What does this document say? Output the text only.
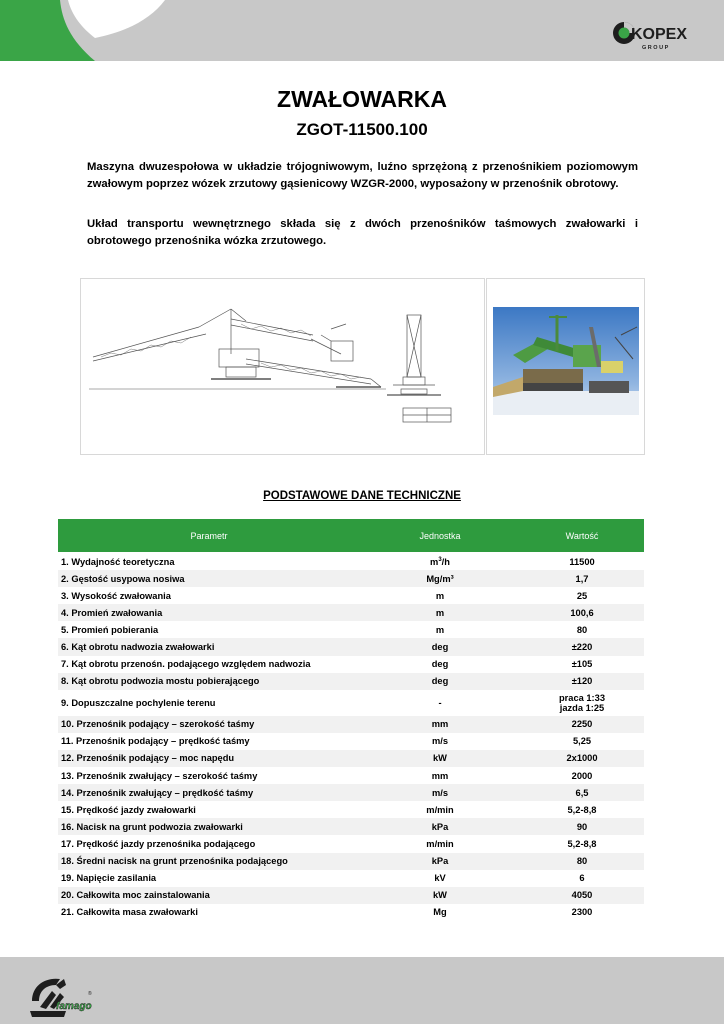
KOPEX
G R O U P
ZWAŁOWARKA
ZGOT-11500.100

Maszyna dwuzespołowa w układzie trójogniwowym, luźno sprzężoną z przenośnikiem poziomowym zwałowym poprzez wózek zrzutowy gąsienicowy WZGR-2000, wyposażony w przenośnik obrotowy.

Układ transportu wewnętrznego składa się z dwóch przenośników taśmowych zwałowarki i obrotowego przenośnika wózka zrzutowego.

PODSTAWOWE DANE TECHNICZNE
Parametr	Jednostka	Wartość
1. Wydajność teoretyczna	$m^3/h$	11500
2. Gęstość usypowa nosiwa	Mg/m³	1,7
3. Wysokość zwałowania	m	25
4. Promień zwałowania	m	100,6
5. Promień pobierania	m	80
6. Kąt obrotu nadwozia zwałowarki	deg	±220
7. Kąt obrotu przenośn. podającego względem nadwozia	deg	±105
8. Kąt obrotu podwozia mostu pobierającego	deg	±120
9. Dopuszczalne pochylenie terenu	-	praca 1:33
jazda 1:25

10. Przenośnik podający – szerokość taśmy	mm	2250
11. Przenośnik podający – prędkość taśmy	m/s	5,25
12. Przenośnik podający – moc napędu	kW	2x1000
13. Przenośnik zwałujący – szerokość taśmy	mm	2000
14. Przenośnik zwałujący – prędkość taśmy	m/s	6,5
15. Prędkość jazdy zwałowarki	m/min	5,2-8,8
16. Nacisk na grunt podwozia zwałowarki	kPa	90
17. Prędkość jazdy przenośnika podającego	m/min	5,2-8,8
18. Średni nacisk na grunt przenośnika podającego	kPa	80
19. Napięcie zasilania	kV	6
20. Całkowita moc zainstalowania	kW	4050
21. Całkowita masa zwałowarki	Mg	2300
famago
®
